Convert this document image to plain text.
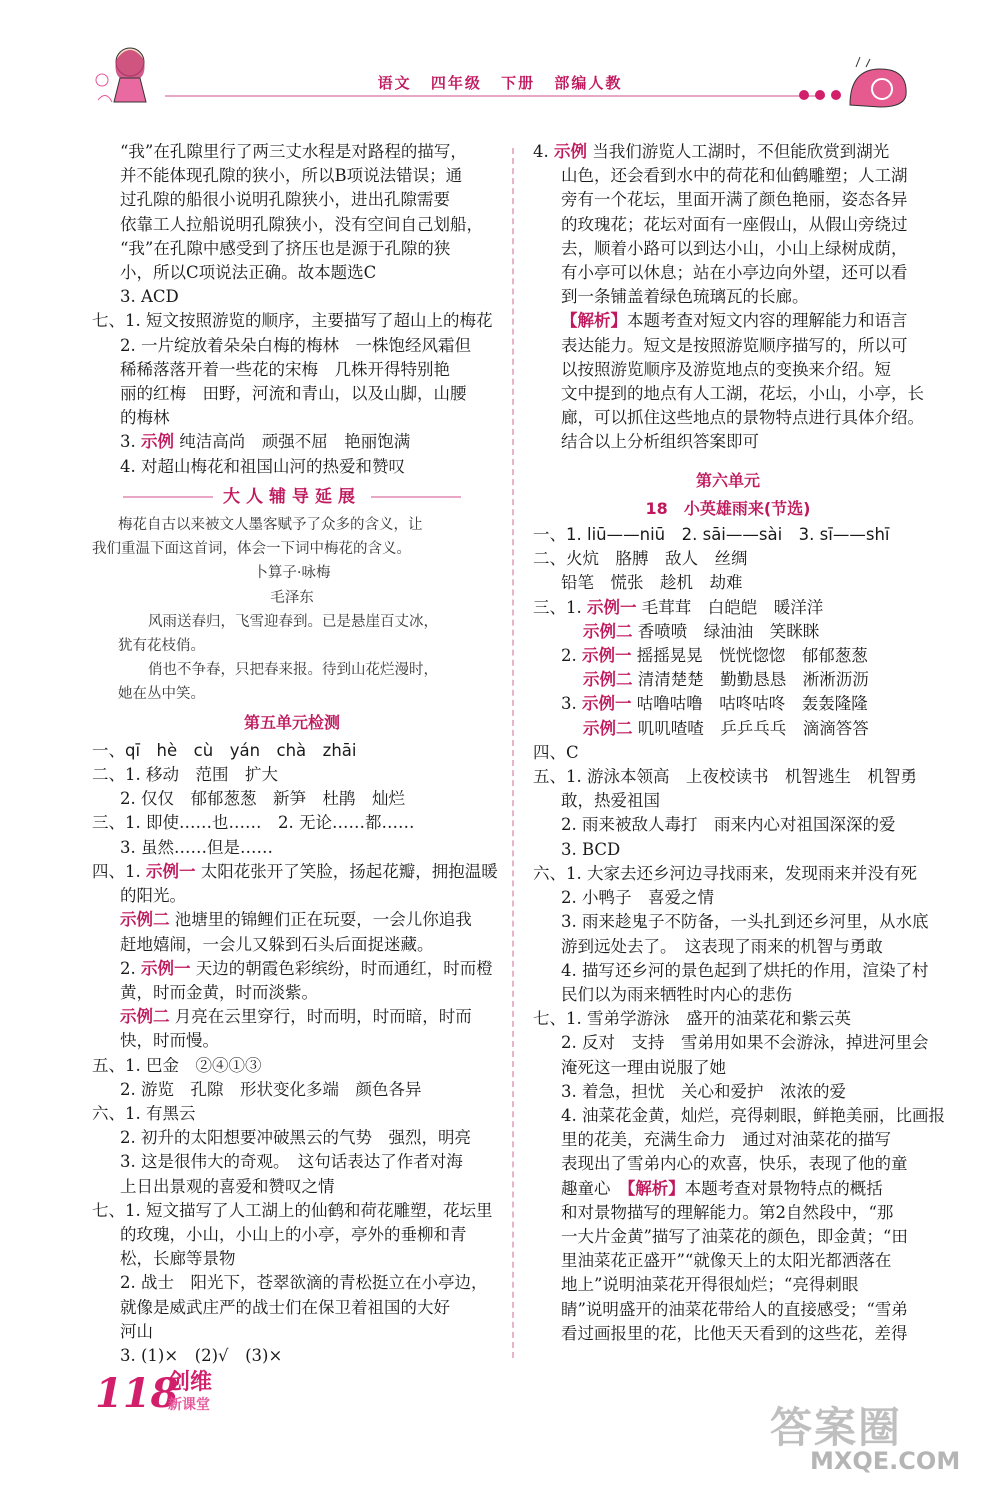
语文 四年级 下册 部编人教
“我”在孔隙里行了两三丈水程是对路程的描写，
并不能体现孔隙的狭小，所以B项说法错误；通
过孔隙的船很小说明孔隙狭小，进出孔隙需要
依靠工人拉船说明孔隙狭小，没有空间自己划船，
“我”在孔隙中感受到了挤压也是源于孔隙的狭
小，所以C项说法正确。故本题选C
3. ACD
七、1. 短文按照游览的顺序，主要描写了超山上的梅花
2. 一片绽放着朵朵白梅的梅林　一株饱经风霜但
稀稀落落开着一些花的宋梅　几株开得特别艳
丽的红梅　田野，河流和青山，以及山脚，山腰
的梅林
3. 示例 纯洁高尚　顽强不屈　艳丽饱满
4. 对超山梅花和祖国山河的热爱和赞叹
大人辅导延展
梅花自古以来被文人墨客赋予了众多的含义，让
我们重温下面这首词，体会一下词中梅花的含义。
卜算子·咏梅
毛泽东
风雨送春归，飞雪迎春到。已是悬崖百丈冰，
犹有花枝俏。
俏也不争春，只把春来报。待到山花烂漫时，
她在丛中笑。
第五单元检测
一、qī　hè　cù　yán　chà　zhāi
二、1. 移动　范围　扩大
2. 仅仅　郁郁葱葱　新笋　杜鹃　灿烂
三、1. 即使……也……　2. 无论……都……
3. 虽然……但是……
四、1. 示例一 太阳花张开了笑脸，扬起花瓣，拥抱温暖
的阳光。
示例二 池塘里的锦鲤们正在玩耍，一会儿你追我
赶地嬉闹，一会儿又躲到石头后面捉迷藏。
2. 示例一 天边的朝霞色彩缤纷，时而通红，时而橙
黄，时而金黄，时而淡紫。
示例二 月亮在云里穿行，时而明，时而暗，时而
快，时而慢。
五、1. 巴金　②④①③
2. 游览　孔隙　形状变化多端　颜色各异
六、1. 有黑云
2. 初升的太阳想要冲破黑云的气势　强烈，明亮
3. 这是很伟大的奇观。　这句话表达了作者对海
上日出景观的喜爱和赞叹之情
七、1. 短文描写了人工湖上的仙鹤和荷花雕塑，花坛里
的玫瑰，小山，小山上的小亭，亭外的垂柳和青
松，长廊等景物
2. 战士　阳光下，苍翠欲滴的青松挺立在小亭边，
就像是威武庄严的战士们在保卫着祖国的大好
河山
3. (1)×　(2)√　(3)×
4. 示例 当我们游览人工湖时，不但能欣赏到湖光
山色，还会看到水中的荷花和仙鹤雕塑；人工湖
旁有一个花坛，里面开满了颜色艳丽，姿态各异
的玫瑰花；花坛对面有一座假山，从假山旁绕过
去，顺着小路可以到达小山，小山上绿树成荫，
有小亭可以休息；站在小亭边向外望，还可以看
到一条铺盖着绿色琉璃瓦的长廊。
【解析】本题考查对短文内容的理解能力和语言
表达能力。短文是按照游览顺序描写的，所以可
以按照游览顺序及游览地点的变换来介绍。短
文中提到的地点有人工湖，花坛，小山，小亭，长
廊，可以抓住这些地点的景物特点进行具体介绍。
结合以上分析组织答案即可
第六单元
18　小英雄雨来(节选)
一、1. liū——niū　2. sāi——sài　3. sī——shī
二、火炕　胳膊　敌人　丝绸
铅笔　慌张　趁机　劫难
三、1. 示例一 毛茸茸　白皑皑　暖洋洋
示例二 香喷喷　绿油油　笑眯眯
2. 示例一 摇摇晃晃　恍恍惚惚　郁郁葱葱
示例二 清清楚楚　勤勤恳恳　淅淅沥沥
3. 示例一 咕噜咕噜　咕咚咕咚　轰轰隆隆
示例二 叽叽喳喳　乒乒乓乓　滴滴答答
四、C
五、1. 游泳本领高　上夜校读书　机智逃生　机智勇
敢，热爱祖国
2. 雨来被敌人毒打　雨来内心对祖国深深的爱
3. BCD
六、1. 大家去还乡河边寻找雨来，发现雨来并没有死
2. 小鸭子　喜爱之情
3. 雨来趁鬼子不防备，一头扎到还乡河里，从水底
游到远处去了。　这表现了雨来的机智与勇敢
4. 描写还乡河的景色起到了烘托的作用，渲染了村
民们以为雨来牺牲时内心的悲伤
七、1. 雪弟学游泳　盛开的油菜花和紫云英
2. 反对　支持　雪弟用如果不会游泳，掉进河里会
淹死这一理由说服了她
3. 着急，担忧　关心和爱护　浓浓的爱
4. 油菜花金黄，灿烂，亮得刺眼，鲜艳美丽，比画报
里的花美，充满生命力　通过对油菜花的描写
表现出了雪弟内心的欢喜，快乐，表现了他的童
趣童心　【解析】本题考查对景物特点的概括
和对景物描写的理解能力。第2自然段中，“那
一大片金黄”描写了油菜花的颜色，即金黄；“田
里油菜花正盛开”“就像天上的太阳光都洒落在
地上”说明油菜花开得很灿烂；“亮得刺眼
睛”说明盛开的油菜花带给人的直接感受；“雪弟
看过画报里的花，比他天天看到的这些花，差得
118
创维
新课堂	答案圈
MXQE.COM
